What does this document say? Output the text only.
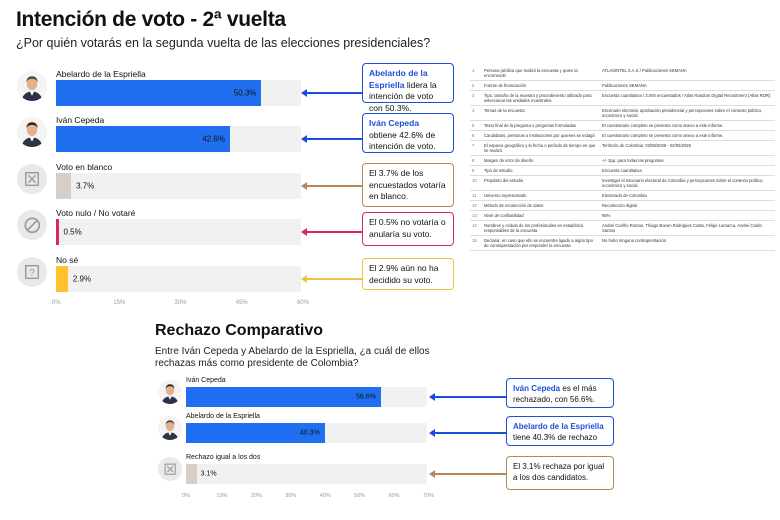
Intención de voto - 2ª vuelta
¿Por quién votarás en la segunda vuelta de las elecciones presidenciales?
Abelardo de la Espriella
50.3%
Iván Cepeda
42.6%
Voto en blanco
3.7%
Voto nulo / No votaré
0.5%
?
No sé
2.9%
0%	15%	30%	45%	60%
Abelardo de la Espriella lidera la intención de voto con 50.3%.
Iván Cepeda obtiene 42.6% de intención de voto.
El 3.7% de los encuestados votaría en blanco.
El 0.5% no votaría o anularía su voto.
El 2.9% aún no ha decidido su voto.
1	Persona jurídica que realizó la encuesta y quien la encomendó	ATLASINTEL S.A.S / Publicaciones SEMANA
2	Fuente de financiación	Publicaciones SEMANA
3	Tipo, tamaño de la muestra y procedimiento utilizado para seleccionar las unidades muestrales	Encuesta cuantitativa / 3.000 encuestados / Atlas Random Digital Recruitment (Atlas RDR)
4	Temas de la encuesta	Escenario electoral, aprobación presidencial y percepciones sobre el contexto político, económico y social.
5	Texto final de la pregunta o preguntas formuladas	El cuestionario completo se presenta como anexo a este informe.
6	Candidatos, personas o instituciones por quienes se indagó	El cuestionario completo se presenta como anexo a este informe.
7	El espacio geográfico y la fecha o período de tiempo en que se realizó	Territorio de Colombia: 03/06/2026 - 02/06/2026
8	Margen de error de diseño	+/- 2pp. para todas las preguntas
9	Tipo de estudio	Encuesta cuantitativa
10	Propósito del estudio	Investigar el escenario electoral de Colombia y percepciones sobre el contexto político, económico y social.
11	Universo representado	Electorado de Colombia
12	Método de recolección de datos	Recolección digital
13	Nivel de confiabilidad	95%
14	Nombres y cédula de los profesionales en estadística responsables de la encuesta	Andrei Coelho Roman, Thiago Bonon Rodrigues Costa, Felipe Lamarca, Andrei Cardo Santos
15	Declarar, en caso que ello se encuentre ligado a algún tipo de contraprestación por responder la encuesta	No hubo ninguna contraprestación.
Rechazo Comparativo
Entre Iván Cepeda y Abelardo de la Espriella, ¿a cuál de ellos rechazas más como presidente de Colombia?
Iván Cepeda
56.6%
Abelardo de la Espriella
40.3%
Rechazo igual a los dos
3.1%
0%	10%	20%	30%	40%	50%	60%	70%
Iván Cepeda es el más rechazado, con 56.6%.
Abelardo de la Espriella tiene 40.3% de rechazo
El 3.1% rechaza por igual a los dos candidatos.
